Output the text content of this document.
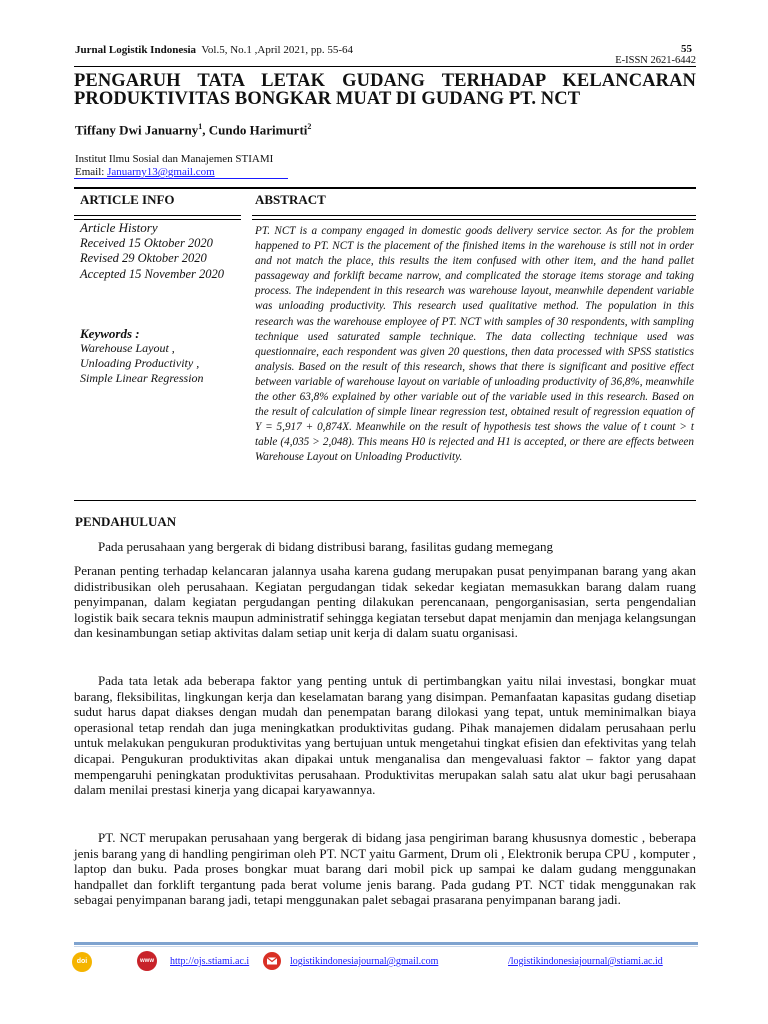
Jurnal Logistik Indonesia Vol.5, No.1 ,April 2021, pp. 55-64	55
E-ISSN 2621-6442
PENGARUH TATA LETAK GUDANG TERHADAP KELANCARAN PRODUKTIVITAS BONGKAR MUAT DI GUDANG PT. NCT
Tiffany Dwi Januarny$^1$, Cundo Harimurti$^2$
Institut Ilmu Sosial dan Manajemen STIAMI
Email: Januarny13@gmail.com
ARTICLE INFO	ABSTRACT
Article History
Received 15 Oktober 2020
Revised 29 Oktober 2020
Accepted 15 November 2020
Keywords :
Warehouse Layout ,
Unloading Productivity ,
Simple Linear Regression
PT. NCT is a company engaged in domestic goods delivery service sector. As for the problem happened to PT. NCT is the placement of the finished items in the warehouse is still not in order and not match the place, this results the item confused with other item, and the hand pallet passageway and forklift became narrow, and complicated the storage items storage and taking process. The independent in this research was warehouse layout, meanwhile dependent variable was unloading productivity. This research used qualitative method. The population in this research was the warehouse employee of PT. NCT with samples of 30 respondents, with sampling technique used saturated sample technique. The data collecting technique used was questionnaire, each respondent was given 20 questions, then data processed with SPSS statistics analysis. Based on the result of this research, shows that there is significant and positive effect between variable of warehouse layout on variable of unloading productivity of 36,8%, meanwhile the other 63,8% explained by other variable out of the variable used in this research. Based on the result of calculation of simple linear regression test, obtained result of regression equation of Y = 5,917 + 0,874X. Meanwhile on the result of hypothesis test shows the value of t count > t table (4,035 > 2,048). This means H0 is rejected and H1 is accepted, or there are effects between Warehouse Layout on Unloading Productivity.
PENDAHULUAN
Pada perusahaan yang bergerak di bidang distribusi barang, fasilitas gudang memegang
Peranan penting terhadap kelancaran jalannya usaha karena gudang merupakan pusat penyimpanan barang yang akan didistribusikan oleh perusahaan. Kegiatan pergudangan tidak sekedar kegiatan memasukkan barang dalam ruang penyimpanan, dalam kegiatan pergudangan penting dilakukan perencanaan, pengorganisasian, serta pengendalian logistik baik secara teknis maupun administratif sehingga kegiatan tersebut dapat menjamin dan menjaga kelangsungan dan kesinambungan setiap aktivitas dalam setiap unit kerja di dalam suatu organisasi.
Pada tata letak ada beberapa faktor yang penting untuk di pertimbangkan yaitu nilai investasi, bongkar muat barang, fleksibilitas, lingkungan kerja dan keselamatan barang yang disimpan. Pemanfaatan kapasitas gudang disetiap sudut harus dapat diakses dengan mudah dan penempatan barang dilokasi yang tepat, untuk meminimalkan biaya operasional tetap rendah dan juga meningkatkan produktivitas gudang. Pihak manajemen didalam perusahaan perlu untuk melakukan pengukuran produktivitas yang bertujuan untuk mengetahui tingkat efisien dan efektivitas yang telah dicapai. Pengukuran produktivitas akan dipakai untuk menganalisa dan mengevaluasi faktor – faktor yang dapat mempengaruhi peningkatan produktivitas perusahaan. Produktivitas merupakan salah satu alat ukur bagi perusahaan dalam menilai prestasi kinerja yang dicapai karyawannya.
PT. NCT merupakan perusahaan yang bergerak di bidang jasa pengiriman barang khususnya domestic , beberapa jenis barang yang di handling pengiriman oleh PT. NCT yaitu Garment, Drum oli , Elektronik berupa CPU , komputer , laptop dan buku. Pada proses bongkar muat barang dari mobil pick up sampai ke dalam gudang menggunakan handpallet dan forklift tergantung pada berat volume jenis barang. Pada gudang PT. NCT tidak menggunakan rak sebagai penyimpanan barang jadi, tetapi menggunakan palet sebagai prasarana penyimpanan barang jadi.
doi	www	http://ojs.stiami.ac.i	logistikindonesiajournal@gmail.com	/logistikindonesiajournal@stiami.ac.id
